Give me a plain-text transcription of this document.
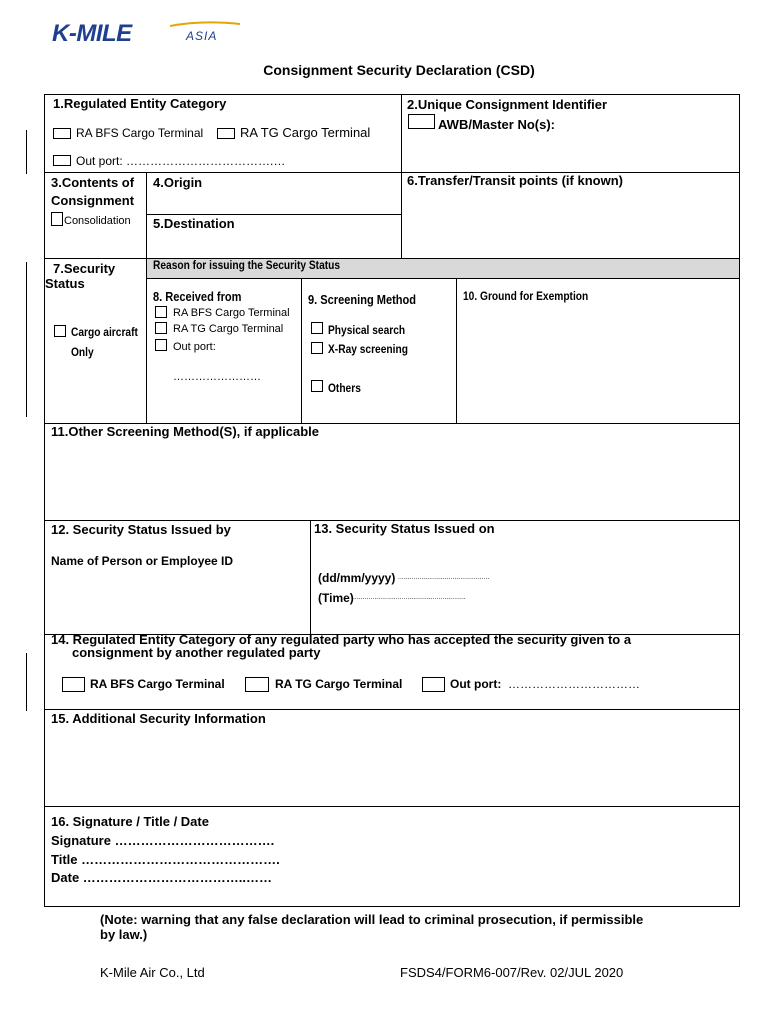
K-MILE	ASIA
Consignment Security Declaration (CSD)
Reason for issuing the Security Status
1.Regulated Entity Category
RA BFS Cargo Terminal	RA TG Cargo Terminal
Out port: ……………………………….…
2.Unique Consignment Identifier
AWB/Master No(s):
3.Contents of
Consignment
Consolidation
4.Origin
5.Destination
6.Transfer/Transit points (if known)
7.Security
Status
Cargo aircraft
Only
8. Received from
RA BFS Cargo Terminal
RA TG Cargo Terminal
Out port:
……………………
9. Screening Method
Physical search
X-Ray screening
Others
10. Ground for Exemption
11.Other Screening Method(S), if applicable
12. Security Status Issued by
Name of Person or Employee ID
13. Security Status Issued on
(dd/mm/yyyy) ...............................................
(Time)
...........................................................
14. Regulated Entity Category of any regulated party who has accepted the security given to a
consignment by another regulated party
RA BFS Cargo Terminal	RA TG Cargo Terminal	Out port: ……………………………
15. Additional Security Information
16. Signature / Title / Date
Signature ……………………………….
Title ……………………………………….
Date ………………………………..……
(Note: warning that any false declaration will lead to criminal prosecution, if permissible
by law.)
K-Mile Air Co., Ltd	FSDS4/FORM6-007/Rev. 02/JUL 2020
